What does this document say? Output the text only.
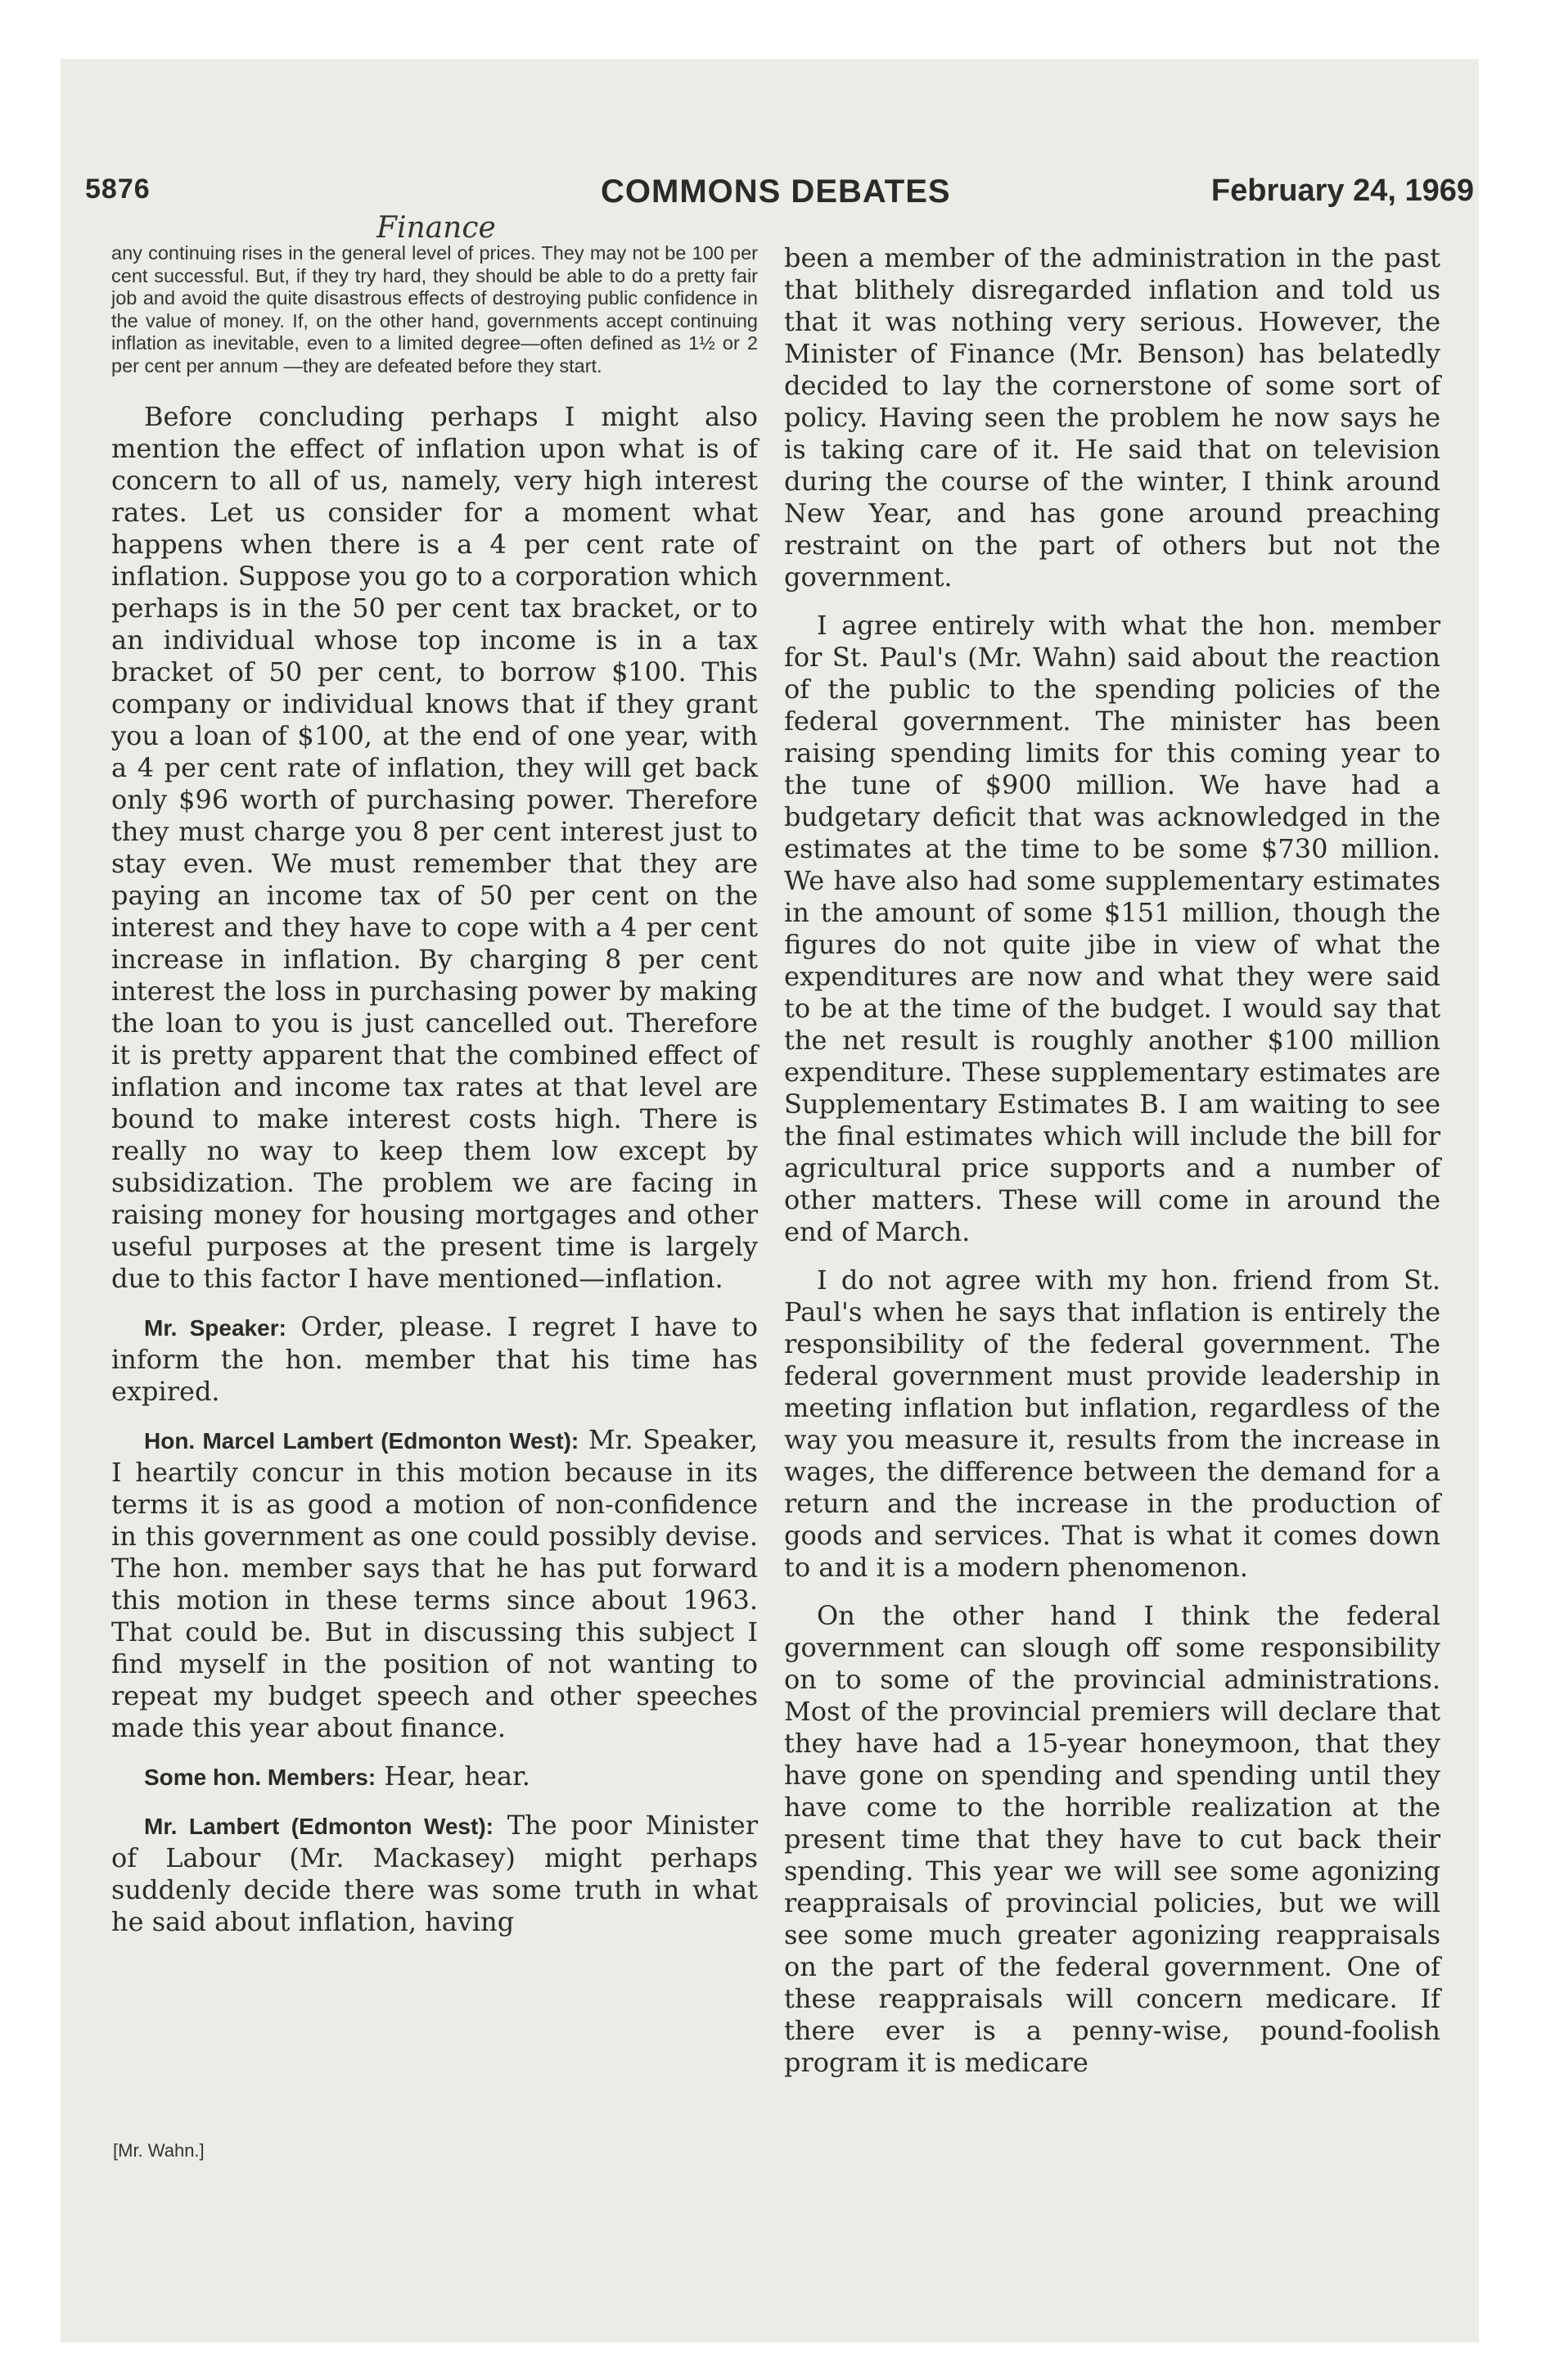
5876	COMMONS DEBATES	February 24, 1969
Finance

any continuing rises in the general level of prices. They may not be 100 per cent successful. But, if they try hard, they should be able to do a pretty fair job and avoid the quite disastrous effects of destroying public confidence in the value of money. If, on the other hand, governments accept continuing inflation as inevitable, even to a limited degree—often defined as 1½ or 2 per cent per annum —they are defeated before they start.

Before concluding perhaps I might also mention the effect of inflation upon what is of concern to all of us, namely, very high interest rates. Let us consider for a moment what happens when there is a 4 per cent rate of inflation. Suppose you go to a corporation which perhaps is in the 50 per cent tax bracket, or to an individual whose top income is in a tax bracket of 50 per cent, to borrow $100. This company or individual knows that if they grant you a loan of $100, at the end of one year, with a 4 per cent rate of inflation, they will get back only $96 worth of purchasing power. Therefore they must charge you 8 per cent interest just to stay even. We must remember that they are paying an income tax of 50 per cent on the interest and they have to cope with a 4 per cent increase in inflation. By charging 8 per cent interest the loss in purchasing power by making the loan to you is just cancelled out. Therefore it is pretty apparent that the combined effect of inflation and income tax rates at that level are bound to make interest costs high. There is really no way to keep them low except by subsidization. The problem we are facing in raising money for housing mortgages and other useful purposes at the present time is largely due to this factor I have mentioned—inflation.

Mr. Speaker: Order, please. I regret I have to inform the hon. member that his time has expired.

Hon. Marcel Lambert (Edmonton West): Mr. Speaker, I heartily concur in this motion because in its terms it is as good a motion of non-confidence in this government as one could possibly devise. The hon. member says that he has put forward this motion in these terms since about 1963. That could be. But in discussing this subject I find myself in the position of not wanting to repeat my budget speech and other speeches made this year about finance.

Some hon. Members: Hear, hear.

Mr. Lambert (Edmonton West): The poor Minister of Labour (Mr. Mackasey) might perhaps suddenly decide there was some truth in what he said about inflation, having

been a member of the administration in the past that blithely disregarded inflation and told us that it was nothing very serious. However, the Minister of Finance (Mr. Benson) has belatedly decided to lay the cornerstone of some sort of policy. Having seen the problem he now says he is taking care of it. He said that on television during the course of the winter, I think around New Year, and has gone around preaching restraint on the part of others but not the government.

I agree entirely with what the hon. member for St. Paul's (Mr. Wahn) said about the reaction of the public to the spending policies of the federal government. The minister has been raising spending limits for this coming year to the tune of $900 million. We have had a budgetary deficit that was acknowledged in the estimates at the time to be some $730 million. We have also had some supplementary estimates in the amount of some $151 million, though the figures do not quite jibe in view of what the expenditures are now and what they were said to be at the time of the budget. I would say that the net result is roughly another $100 million expenditure. These supplementary estimates are Supplementary Estimates B. I am waiting to see the final estimates which will include the bill for agricultural price supports and a number of other matters. These will come in around the end of March.

I do not agree with my hon. friend from St. Paul's when he says that inflation is entirely the responsibility of the federal government. The federal government must provide leadership in meeting inflation but inflation, regardless of the way you measure it, results from the increase in wages, the difference between the demand for a return and the increase in the production of goods and services. That is what it comes down to and it is a modern phenomenon.

On the other hand I think the federal government can slough off some responsibility on to some of the provincial administrations. Most of the provincial premiers will declare that they have had a 15-year honeymoon, that they have gone on spending and spending until they have come to the horrible realization at the present time that they have to cut back their spending. This year we will see some agonizing reappraisals of provincial policies, but we will see some much greater agonizing reappraisals on the part of the federal government. One of these reappraisals will concern medicare. If there ever is a penny-wise, pound-foolish program it is medicare

[Mr. Wahn.]
